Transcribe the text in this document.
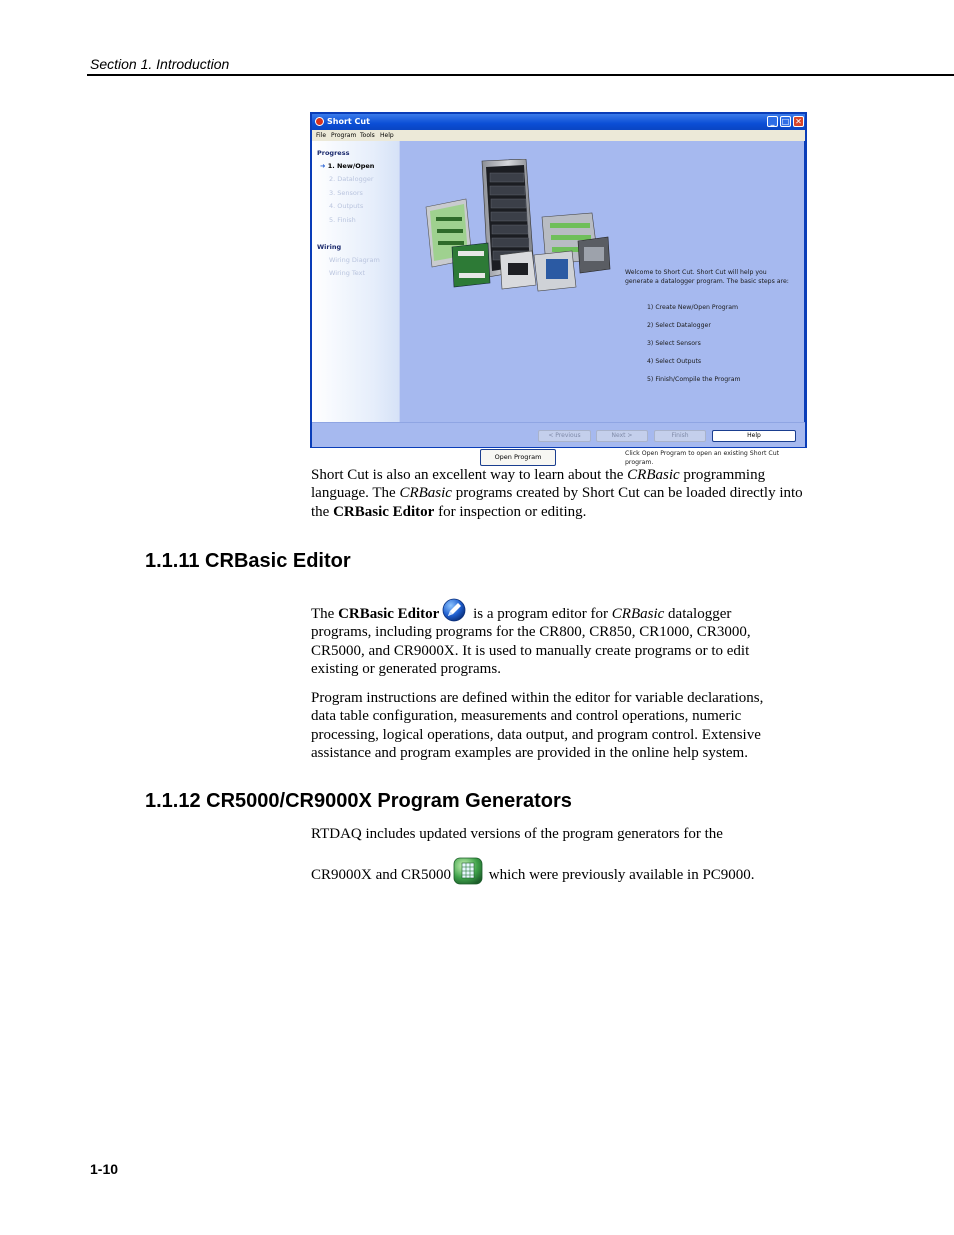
Section 1. Introduction
Short Cut	_ □ ✕
File Program Tools Help
Progress
➜ 1. New/Open
2. Datalogger
3. Sensors
4. Outputs
5. Finish
Wiring
Wiring Diagram
Wiring Text	Welcome to Short Cut. Short Cut will help you generate a datalogger program. The basic steps are:
1) Create New/Open Program
2) Select Datalogger
3) Select Sensors
4) Select Outputs
5) Finish/Compile the Program
Open Program	Click Open Program to open an existing Short Cut program.
< Previous	Next >	Finish	Help

Short Cut is also an excellent way to learn about the CRBasic programming language. The CRBasic programs created by Short Cut can be loaded directly into the CRBasic Editor for inspection or editing.

1.1.11 CRBasic Editor

The CRBasic Editor is a program editor for CRBasic datalogger programs, including programs for the CR800, CR850, CR1000, CR3000, CR5000, and CR9000X. It is used to manually create programs or to edit existing or generated programs.

Program instructions are defined within the editor for variable declarations, data table configuration, measurements and control operations, numeric processing, logical operations, data output, and program control. Extensive assistance and program examples are provided in the online help system.

1.1.12 CR5000/CR9000X Program Generators

RTDAQ includes updated versions of the program generators for the

CR9000X and CR5000 which were previously available in PC9000.

1-10
